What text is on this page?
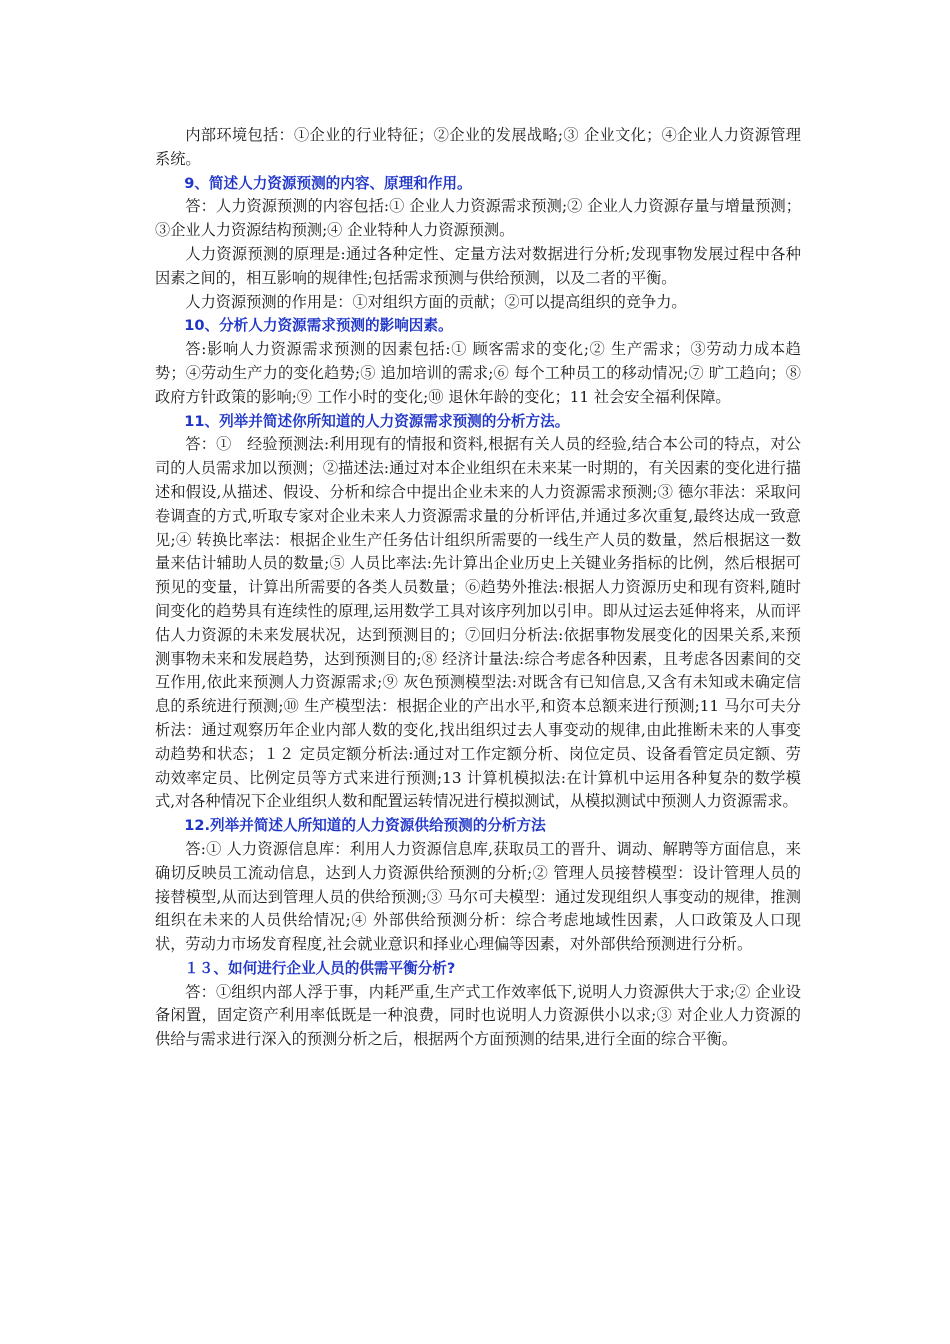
内部环境包括：①企业的行业特征；②企业的发展战略;③ 企业文化；④企业人力资源管理系统。

9、简述人力资源预测的内容、原理和作用。

答：人力资源预测的内容包括:① 企业人力资源需求预测;② 企业人力资源存量与增量预测；③企业人力资源结构预测;④ 企业特种人力资源预测。

人力资源预测的原理是:通过各种定性、定量方法对数据进行分析;发现事物发展过程中各种因素之间的，相互影响的规律性;包括需求预测与供给预测，以及二者的平衡。

人力资源预测的作用是：①对组织方面的贡献；②可以提高组织的竞争力。

10、分析人力资源需求预测的影响因素。

答:影响人力资源需求预测的因素包括:① 顾客需求的变化;② 生产需求；③劳动力成本趋势；④劳动生产力的变化趋势;⑤ 追加培训的需求;⑥ 每个工种员工的移动情况;⑦ 旷工趋向；⑧政府方针政策的影响;⑨ 工作小时的变化;⑩ 退休年龄的变化；11 社会安全福利保障。

11、列举并简述你所知道的人力资源需求预测的分析方法。

答：①　经验预测法:利用现有的情报和资料,根据有关人员的经验,结合本公司的特点，对公司的人员需求加以预测；②描述法:通过对本企业组织在未来某一时期的，有关因素的变化进行描述和假设,从描述、假设、分析和综合中提出企业未来的人力资源需求预测;③ 德尔菲法：采取问卷调查的方式,听取专家对企业未来人力资源需求量的分析评估,并通过多次重复,最终达成一致意见;④ 转换比率法：根据企业生产任务估计组织所需要的一线生产人员的数量，然后根据这一数量来估计辅助人员的数量;⑤ 人员比率法:先计算出企业历史上关键业务指标的比例，然后根据可预见的变量，计算出所需要的各类人员数量；⑥趋势外推法:根据人力资源历史和现有资料,随时间变化的趋势具有连续性的原理,运用数学工具对该序列加以引申。即从过运去延伸将来，从而评估人力资源的未来发展状况，达到预测目的；⑦回归分析法:依据事物发展变化的因果关系,来预测事物未来和发展趋势，达到预测目的;⑧ 经济计量法:综合考虑各种因素，且考虑各因素间的交互作用,依此来预测人力资源需求;⑨ 灰色预测模型法:对既含有已知信息,又含有未知或未确定信息的系统进行预测;⑩ 生产模型法：根据企业的产出水平,和资本总额来进行预测;11 马尔可夫分析法：通过观察历年企业内部人数的变化,找出组织过去人事变动的规律,由此推断未来的人事变动趋势和状态；１２ 定员定额分析法:通过对工作定额分析、岗位定员、设备看管定员定额、劳动效率定员、比例定员等方式来进行预测;13 计算机模拟法:在计算机中运用各种复杂的数学模式,对各种情况下企业组织人数和配置运转情况进行模拟测试，从模拟测试中预测人力资源需求。

12.列举并简述人所知道的人力资源供给预测的分析方法

答:① 人力资源信息库：利用人力资源信息库,获取员工的晋升、调动、解聘等方面信息，来确切反映员工流动信息，达到人力资源供给预测的分析;② 管理人员接替模型：设计管理人员的接替模型,从而达到管理人员的供给预测;③ 马尔可夫模型：通过发现组织人事变动的规律，推测组织在未来的人员供给情况;④ 外部供给预测分析：综合考虑地域性因素，人口政策及人口现状，劳动力市场发育程度,社会就业意识和择业心理偏等因素，对外部供给预测进行分析。

１３、如何进行企业人员的供需平衡分析?

答：①组织内部人浮于事，内耗严重,生产式工作效率低下,说明人力资源供大于求;② 企业设备闲置，固定资产利用率低既是一种浪费，同时也说明人力资源供小以求;③ 对企业人力资源的供给与需求进行深入的预测分析之后，根据两个方面预测的结果,进行全面的综合平衡。
